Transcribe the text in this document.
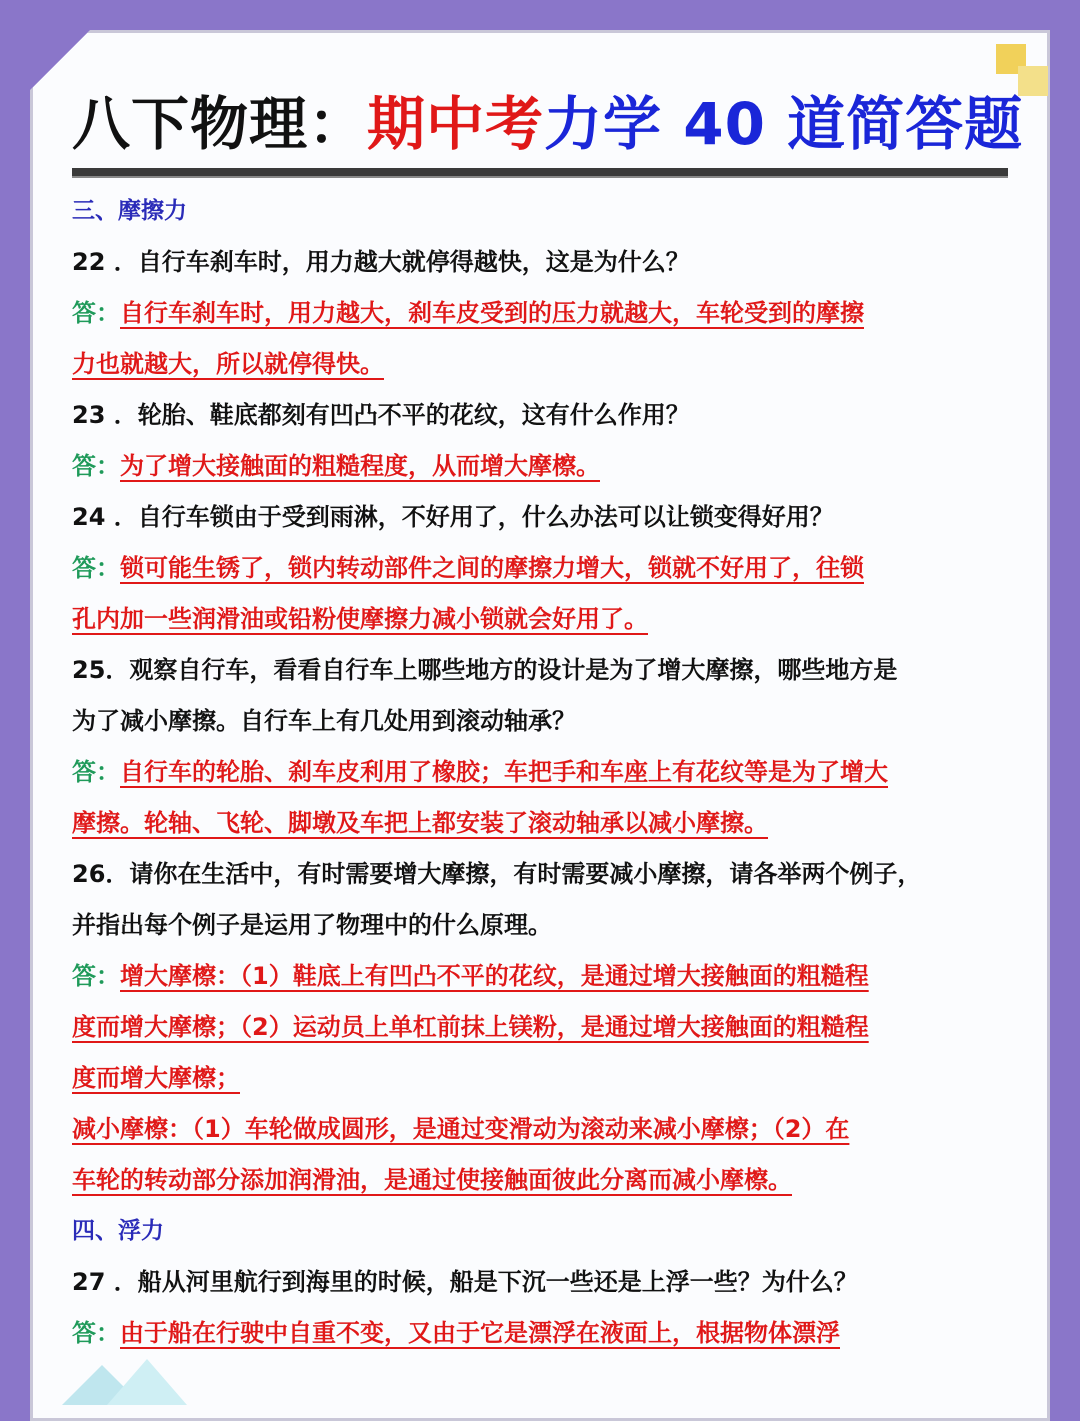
八下物理：期中考力学 40 道简答题
三、摩擦力
22 ．自行车刹车时，用力越大就停得越快，这是为什么？
答：自行车刹车时，用力越大，刹车皮受到的压力就越大，车轮受到的摩擦
力也就越大，所以就停得快。
23 ．轮胎、鞋底都刻有凹凸不平的花纹，这有什么作用？
答：为了增大接触面的粗糙程度，从而增大摩檫。
24 ．自行车锁由于受到雨淋，不好用了，什么办法可以让锁变得好用？
答：锁可能生锈了，锁内转动部件之间的摩擦力增大，锁就不好用了，往锁
孔内加一些润滑油或铅粉使摩擦力减小锁就会好用了。
25．观察自行车，看看自行车上哪些地方的设计是为了增大摩擦，哪些地方是
为了减小摩擦。自行车上有几处用到滚动轴承？
答：自行车的轮胎、刹车皮利用了橡胶；车把手和车座上有花纹等是为了增大
摩擦。轮轴、飞轮、脚墩及车把上都安装了滚动轴承以减小摩擦。
26．请你在生活中，有时需要增大摩擦，有时需要减小摩擦，请各举两个例子，
并指出每个例子是运用了物理中的什么原理。
答：增大摩檫：（1）鞋底上有凹凸不平的花纹，是通过增大接触面的粗糙程
度而增大摩檫；（2）运动员上单杠前抹上镁粉，是通过增大接触面的粗糙程
度而增大摩檫；
减小摩檫：（1）车轮做成圆形，是通过变滑动为滚动来减小摩檫；（2）在
车轮的转动部分添加润滑油，是通过使接触面彼此分离而减小摩檫。
四、浮力
27 ．船从河里航行到海里的时候，船是下沉一些还是上浮一些？为什么？
答：由于船在行驶中自重不变，又由于它是漂浮在液面上，根据物体漂浮
